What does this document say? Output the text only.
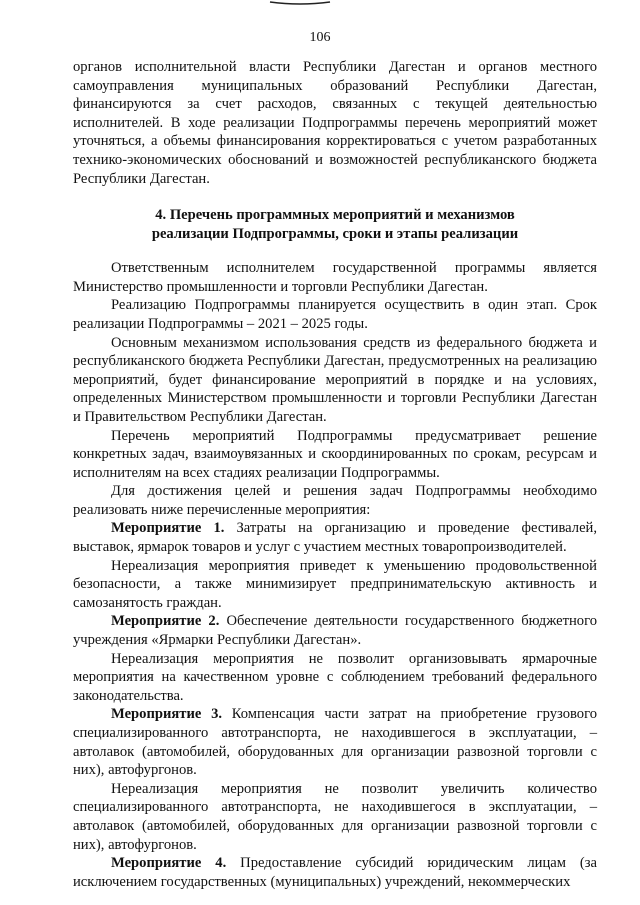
106

органов исполнительной власти Республики Дагестан и органов местного самоуправления муниципальных образований Республики Дагестан, финансируются за счет расходов, связанных с текущей деятельностью исполнителей. В ходе реализации Подпрограммы перечень мероприятий может уточняться, а объемы финансирования корректироваться с учетом разработанных технико-экономических обоснований и возможностей республиканского бюджета Республики Дагестан.

4. Перечень программных мероприятий и механизмов
реализации Подпрограммы, сроки и этапы реализации

Ответственным исполнителем государственной программы является Министерство промышленности и торговли Республики Дагестан.

Реализацию Подпрограммы планируется осуществить в один этап. Срок реализации Подпрограммы – 2021 – 2025 годы.

Основным механизмом использования средств из федерального бюджета и республиканского бюджета Республики Дагестан, предусмотренных на реализацию мероприятий, будет финансирование мероприятий в порядке и на условиях, определенных Министерством промышленности и торговли Республики Дагестан и Правительством Республики Дагестан.

Перечень мероприятий Подпрограммы предусматривает решение конкретных задач, взаимоувязанных и скоординированных по срокам, ресурсам и исполнителям на всех стадиях реализации Подпрограммы.

Для достижения целей и решения задач Подпрограммы необходимо реализовать ниже перечисленные мероприятия:

Мероприятие 1. Затраты на организацию и проведение фестивалей, выставок, ярмарок товаров и услуг с участием местных товаропроизводителей.

Нереализация мероприятия приведет к уменьшению продовольственной безопасности, а также минимизирует предпринимательскую активность и самозанятость граждан.

Мероприятие 2. Обеспечение деятельности государственного бюджетного учреждения «Ярмарки Республики Дагестан».

Нереализация мероприятия не позволит организовывать ярмарочные мероприятия на качественном уровне с соблюдением требований федерального законодательства.

Мероприятие 3. Компенсация части затрат на приобретение грузового специализированного автотранспорта, не находившегося в эксплуатации, – автолавок (автомобилей, оборудованных для организации развозной торговли с них), автофургонов.

Нереализация мероприятия не позволит увеличить количество специализированного автотранспорта, не находившегося в эксплуатации, – автолавок (автомобилей, оборудованных для организации развозной торговли с них), автофургонов.

Мероприятие 4. Предоставление субсидий юридическим лицам (за исключением государственных (муниципальных) учреждений, некоммерческих
